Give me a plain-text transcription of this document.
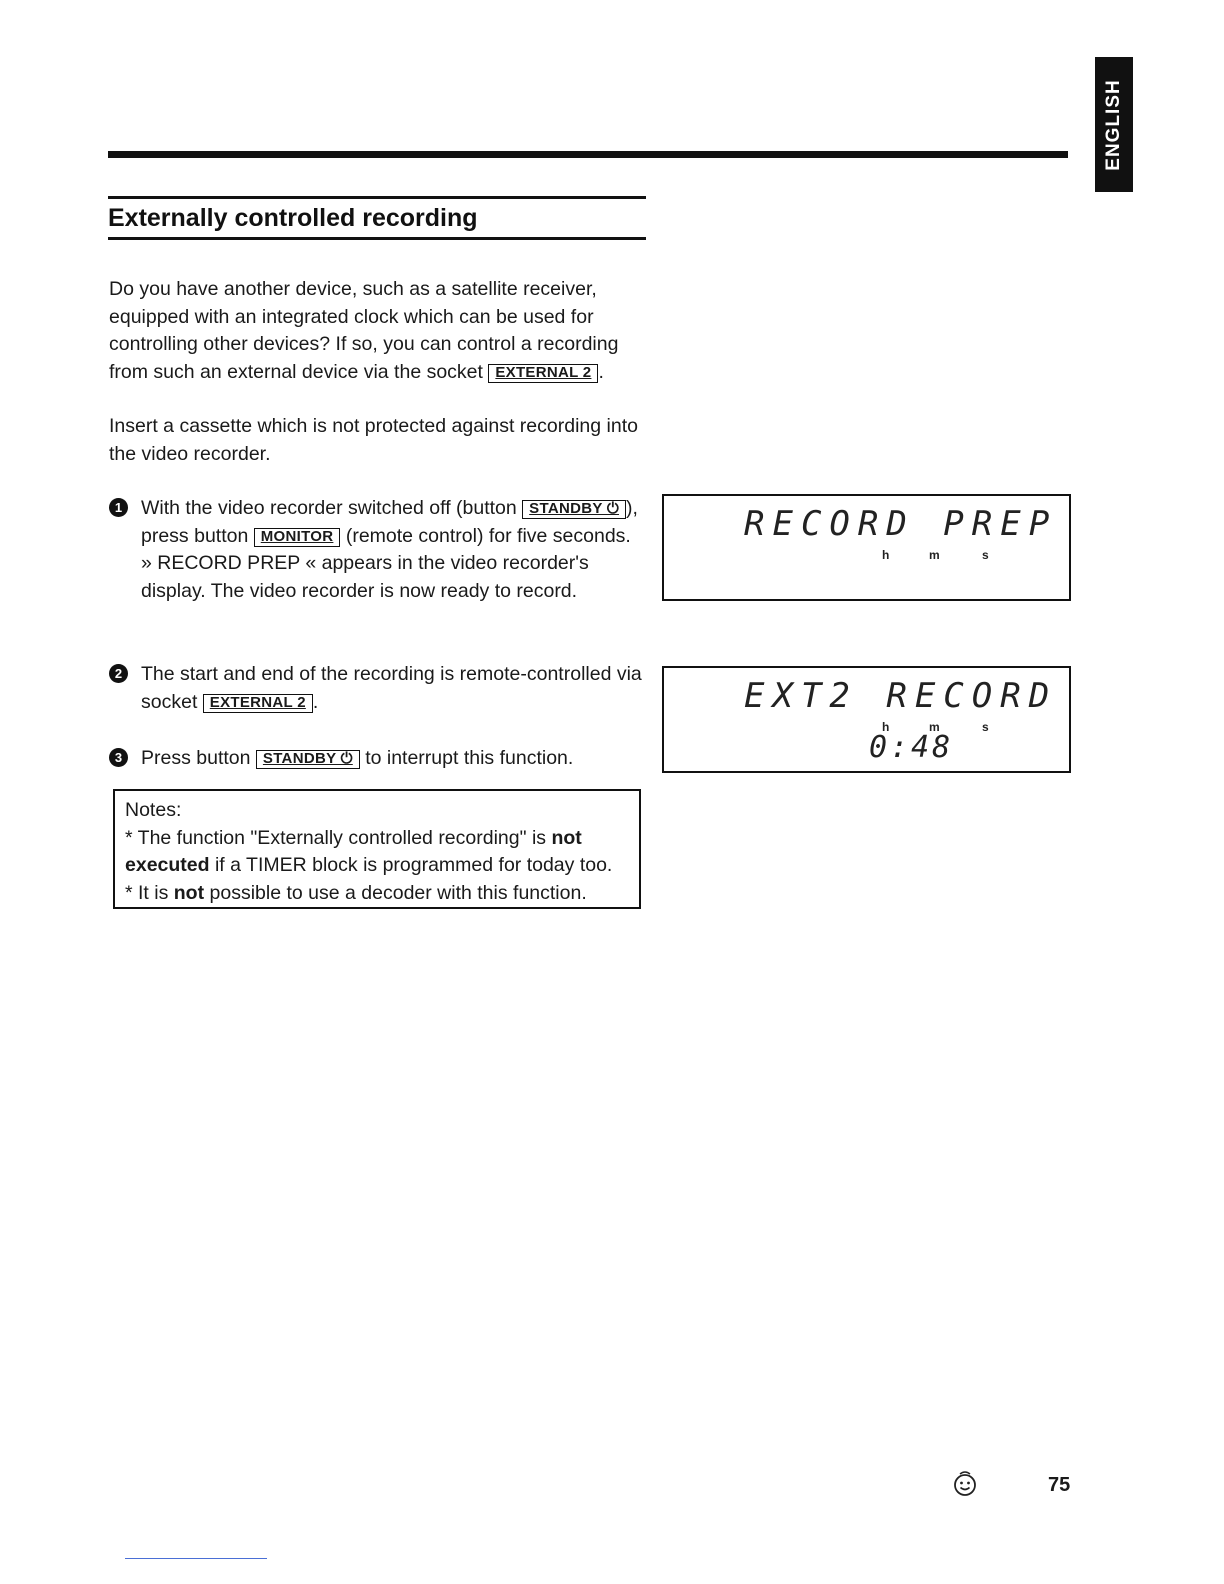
ENGLISH
Externally controlled recording

Do you have another device, such as a satellite receiver, equipped with an integrated clock which can be used for controlling other devices? If so, you can control a recording from such an external device via the socket EXTERNAL 2 .

Insert a cassette which is not protected against recording into the video recorder.

1 With the video recorder switched off (button STANDBY ⏻ ), press button MONITOR (remote control) for five seconds. » RECORD PREP « appears in the video recorder's display. The video recorder is now ready to record.

2 The start and end of the recording is remote-controlled via socket EXTERNAL 2 .

3 Press button STANDBY ⏻ to interrupt this function.

Notes:

* The function "Externally controlled recording" is not executed if a TIMER block is programmed for today too.

* It is not possible to use a decoder with this function.

RECORD PREP
h	m	s
EXT2 RECORD
h	m	s
0:48
75
